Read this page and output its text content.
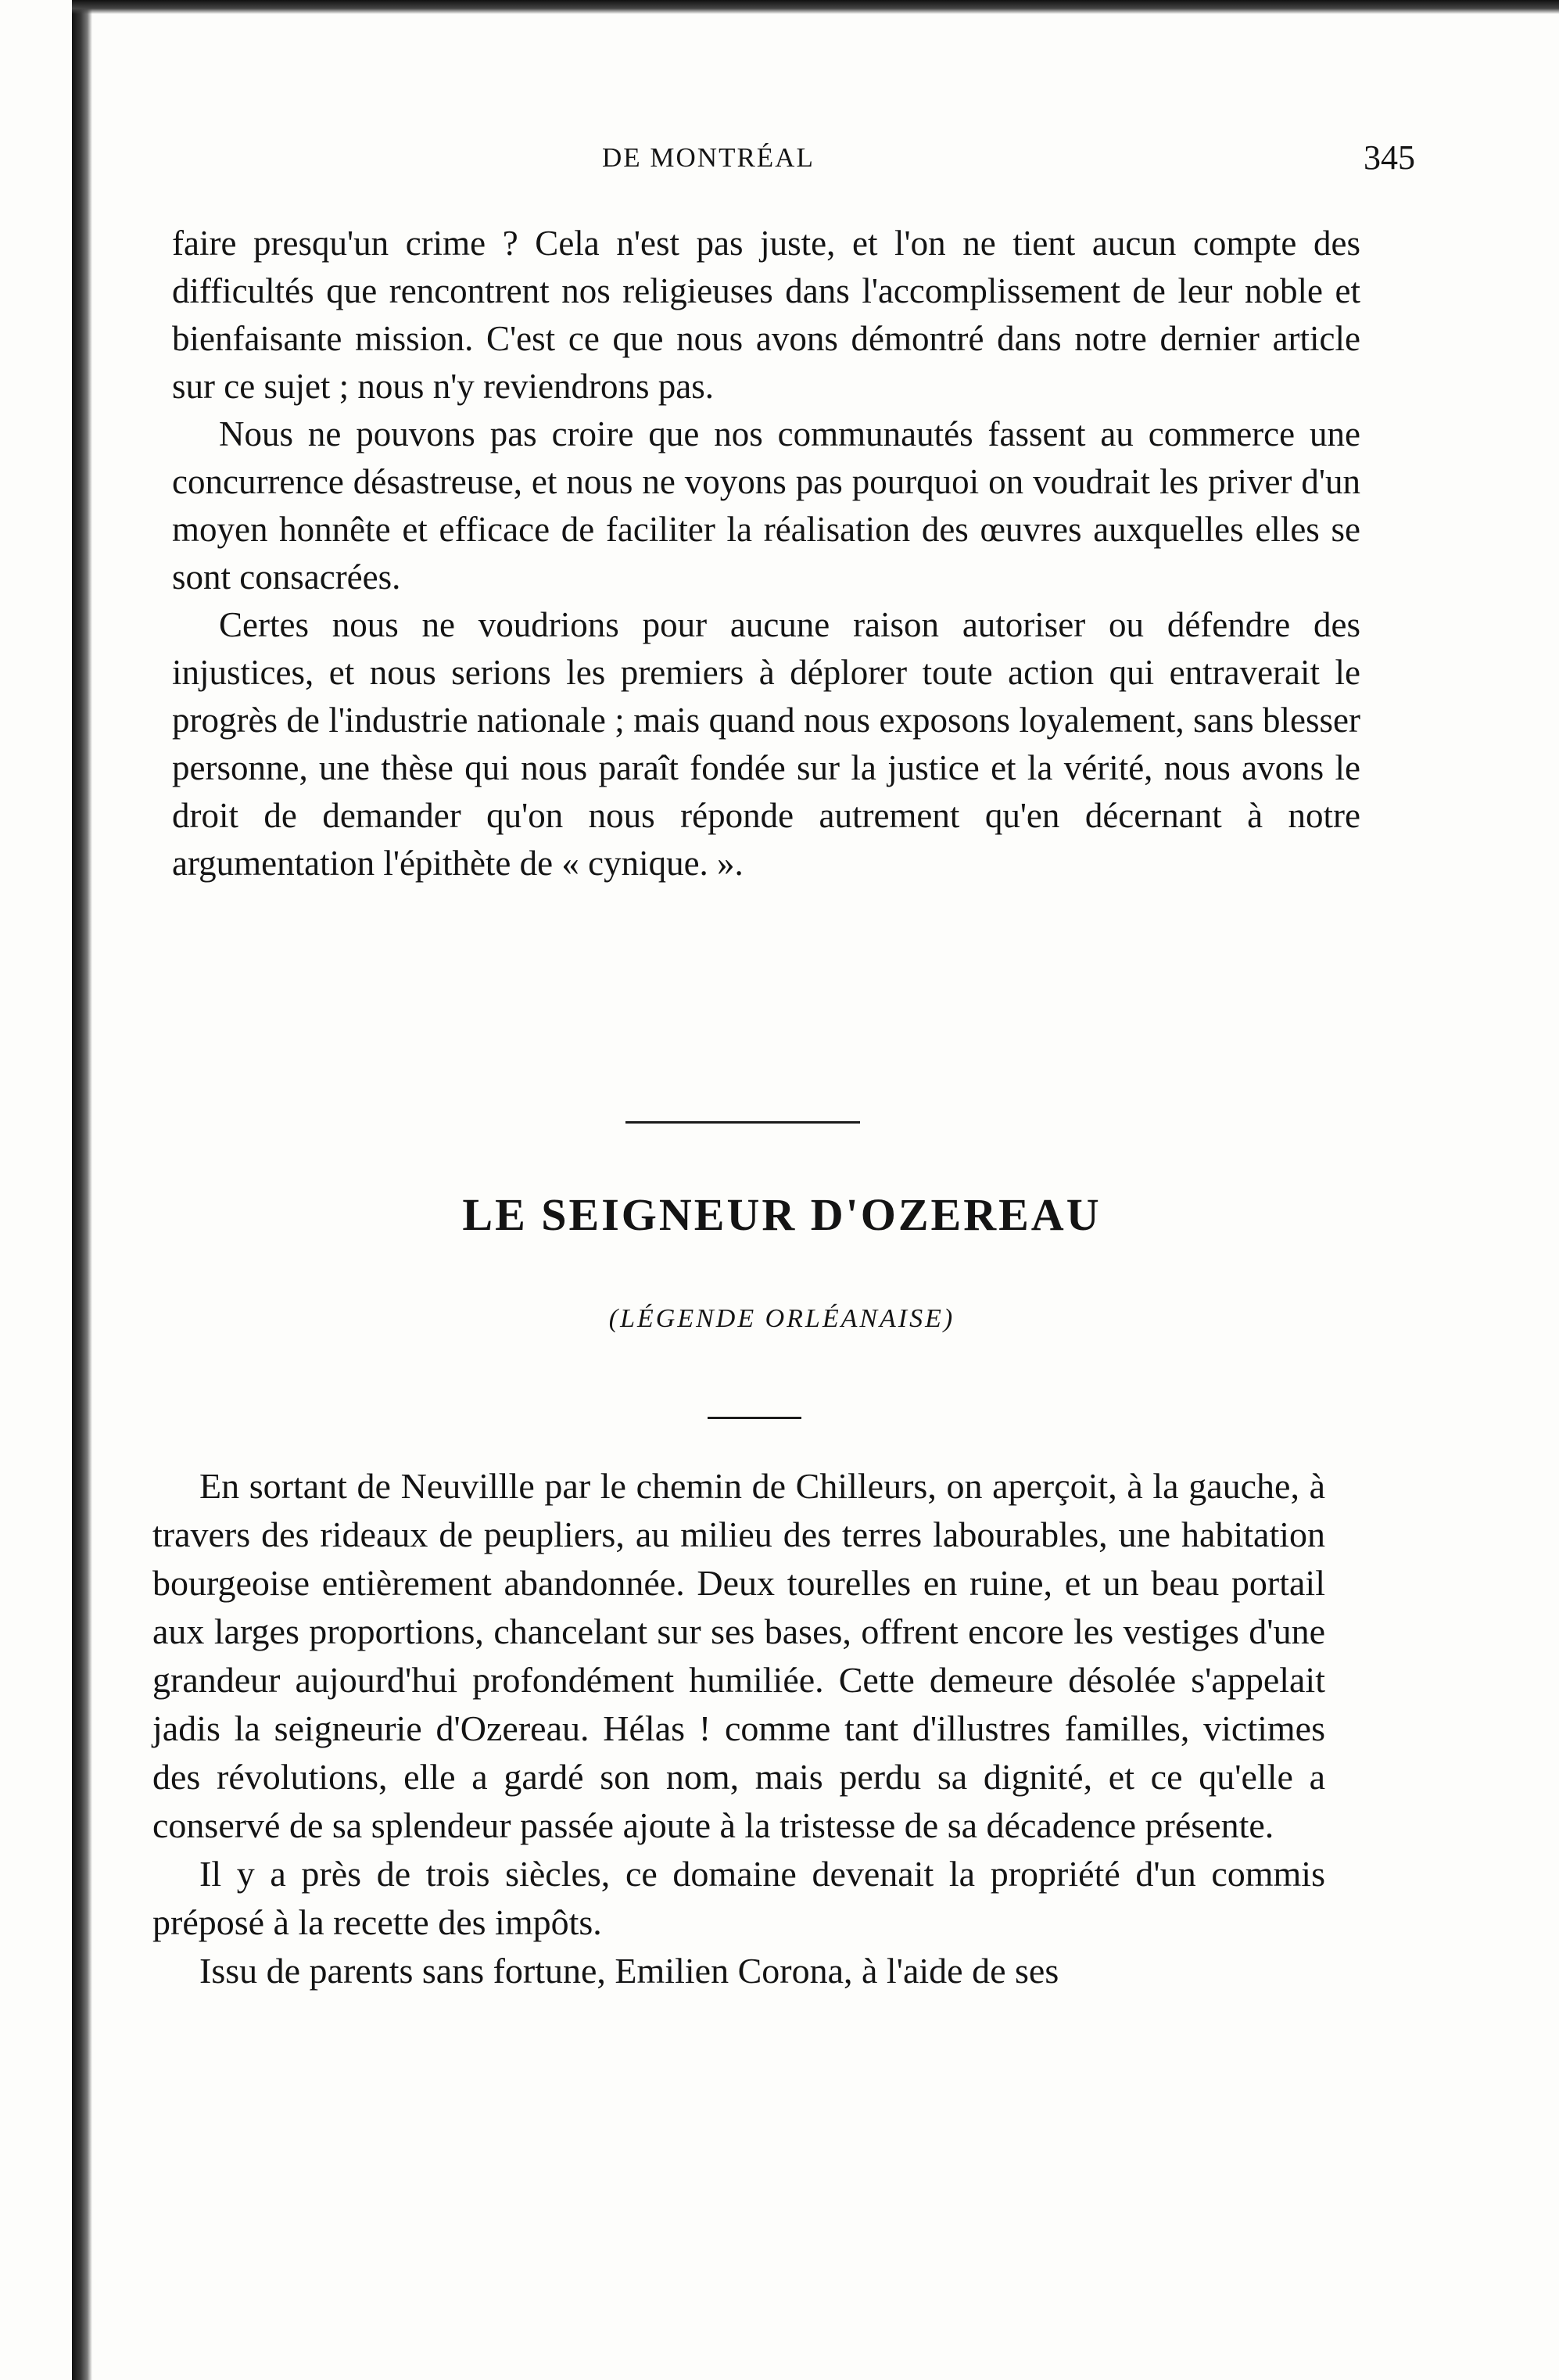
DE MONTRÉAL	345

faire presqu'un crime ? Cela n'est pas juste, et l'on ne tient aucun compte des difficultés que rencontrent nos religieuses dans l'accomplissement de leur noble et bienfaisante mission. C'est ce que nous avons démontré dans notre dernier article sur ce sujet ; nous n'y reviendrons pas.

Nous ne pouvons pas croire que nos communautés fassent au commerce une concurrence désastreuse, et nous ne voyons pas pourquoi on voudrait les priver d'un moyen honnête et efficace de faciliter la réalisation des œuvres auxquelles elles se sont consacrées.

Certes nous ne voudrions pour aucune raison autoriser ou défendre des injustices, et nous serions les premiers à déplorer toute action qui entraverait le progrès de l'industrie nationale ; mais quand nous exposons loyalement, sans blesser personne, une thèse qui nous paraît fondée sur la justice et la vérité, nous avons le droit de demander qu'on nous réponde autrement qu'en décernant à notre argumentation l'épithète de « cynique. ».

LE SEIGNEUR D'OZEREAU
(LÉGENDE ORLÉANAISE)

En sortant de Neuvillle par le chemin de Chilleurs, on aperçoit, à la gauche, à travers des rideaux de peupliers, au milieu des terres labourables, une habitation bourgeoise entièrement abandonnée. Deux tourelles en ruine, et un beau portail aux larges proportions, chancelant sur ses bases, offrent encore les vestiges d'une grandeur aujourd'hui profondément humiliée. Cette demeure désolée s'appelait jadis la seigneurie d'Ozereau. Hélas ! comme tant d'illustres familles, victimes des révolutions, elle a gardé son nom, mais perdu sa dignité, et ce qu'elle a conservé de sa splendeur passée ajoute à la tristesse de sa décadence présente.

Il y a près de trois siècles, ce domaine devenait la propriété d'un commis préposé à la recette des impôts.

Issu de parents sans fortune, Emilien Corona, à l'aide de ses
